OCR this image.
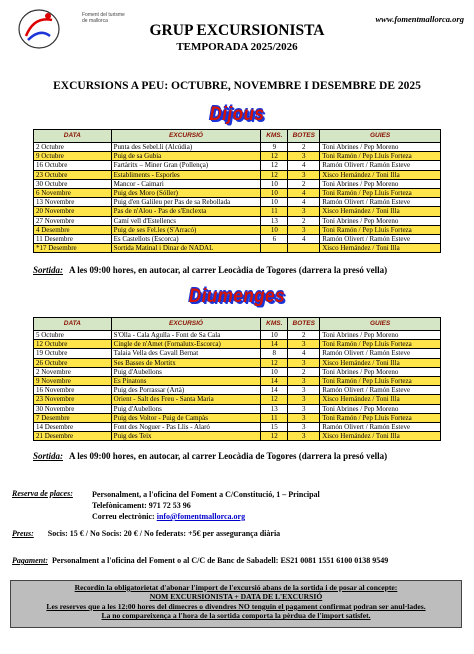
Foment del turisme de mallorca	www.fomentmallorca.org
GRUP EXCURSIONISTA
TEMPORADA 2025/2026
EXCURSIONS A PEU: OCTUBRE, NOVEMBRE I DESEMBRE DE 2025
Dijous
DATA	EXCURSIÓ	KMS.	BOTES	GUIES
2 Octubre	Punta des Sebel.li (Alcúdia)	9	2	Toni Abrines / Pep Moreno
9 Octubre	Puig de sa Gubia	12	3	Toni Ramón / Pep Lluís Forteza
16 Octubre	Fartàritx – Miner Gran (Pollença)	12	4	Ramón Olivert / Ramón Esteve
23 Octubre	Establiments - Esporles	12	3	Xisco Hernández / Toni Illa
30 Octubre	Mancor - Caimari	10	2	Toni Abrines / Pep Moreno
6 Novembre	Puig des Moro (Sóller)	10	4	Toni Ramón / Pep Lluís Forteza
13 Novembre	Puig d'en Galileu per Pas de sa Rebollada	10	4	Ramón Olivert / Ramón Esteve
20 Novembre	Pas de n'Alou - Pas de s'Enclexta	11	3	Xisco Hernández / Toni Illa
27 Novembre	Camí vell d'Estellencs	13	2	Toni Abrines / Pep Moreno
4 Desembre	Puig de ses Fel.les (S'Arracó)	10	3	Toni Ramón / Pep Lluís Forteza
11 Desembre	Es Castellots (Escorca)	6	4	Ramón Olivert / Ramón Esteve
*17 Desembre	Sortida Matinal i Dinar de NADAL			Xisco Hernández / Toni Illa
Sortida: A les 09:00 hores, en autocar, al carrer Leocàdia de Togores (darrera la presó vella)
Diumenges
DATA	EXCURSIÓ	KMS.	BOTES	GUIES
5 Octubre	S'Olla - Cala Agulla - Font de Sa Cala	10	2	Toni Abrines / Pep Moreno
12 Octubre	Cingle de n'Amet (Fornalutx-Escorca)	14	3	Toni Ramón / Pep Lluís Forteza
19 Octubre	Talaia Vella des Cavall Bernat	8	4	Ramón Olivert / Ramón Esteve
26 Octubre	Ses Basses de Mortitx	12	3	Xisco Hernández / Toni Illa
2 Novembre	Puig d'Aubellons	10	2	Toni Abrines / Pep Moreno
9 Novembre	Es Pinatons	14	3	Toni Ramón / Pep Lluís Forteza
16 Novembre	Puig des Porrassar (Artà)	14	3	Ramón Olivert / Ramón Esteve
23 Novembre	Orient - Salt des Freu - Santa Maria	12	3	Xisco Hernández / Toni Illa
30 Novembre	Puig d'Aubellons	13	3	Toni Abrines / Pep Moreno
7 Desembre	Puig des Voltor - Puig de Campàs	11	3	Toni Ramón / Pep Lluís Forteza
14 Desembre	Font des Noguer - Pas Llis - Alaró	15	3	Ramón Olivert / Ramón Esteve
21 Desembre	Puig des Teix	12	3	Xisco Hernández / Toni Illa
Sortida: A les 09:00 hores, en autocar, al carrer Leocàdia de Togores (darrera la presó vella)
Reserva de places:	Personalment, a l'oficina del Foment a C/Constitució, 1 – Principal
Telefònicament: 971 72 53 96
Correu electrònic: info@fomentmallorca.org
Preus: Socis: 15 € / No Socis: 20 € / No federats: +5€ per assegurança diària
Pagament: Personalment a l'oficina del Foment o al C/C de Banc de Sabadell: ES21 0081 1551 6100 0138 9549
Recordin la obligatorietat d'abonar l'import de l'excursió abans de la sortida i de posar al concepte:
NOM EXCURSIONISTA + DATA DE L'EXCURSIÓ
Les reserves que a les 12:00 hores del dimecres o divendres NO tenguin el pagament confirmat podran ser anul·lades.
La no compareixença a l'hora de la sortida comporta la pèrdua de l'import satisfet.
